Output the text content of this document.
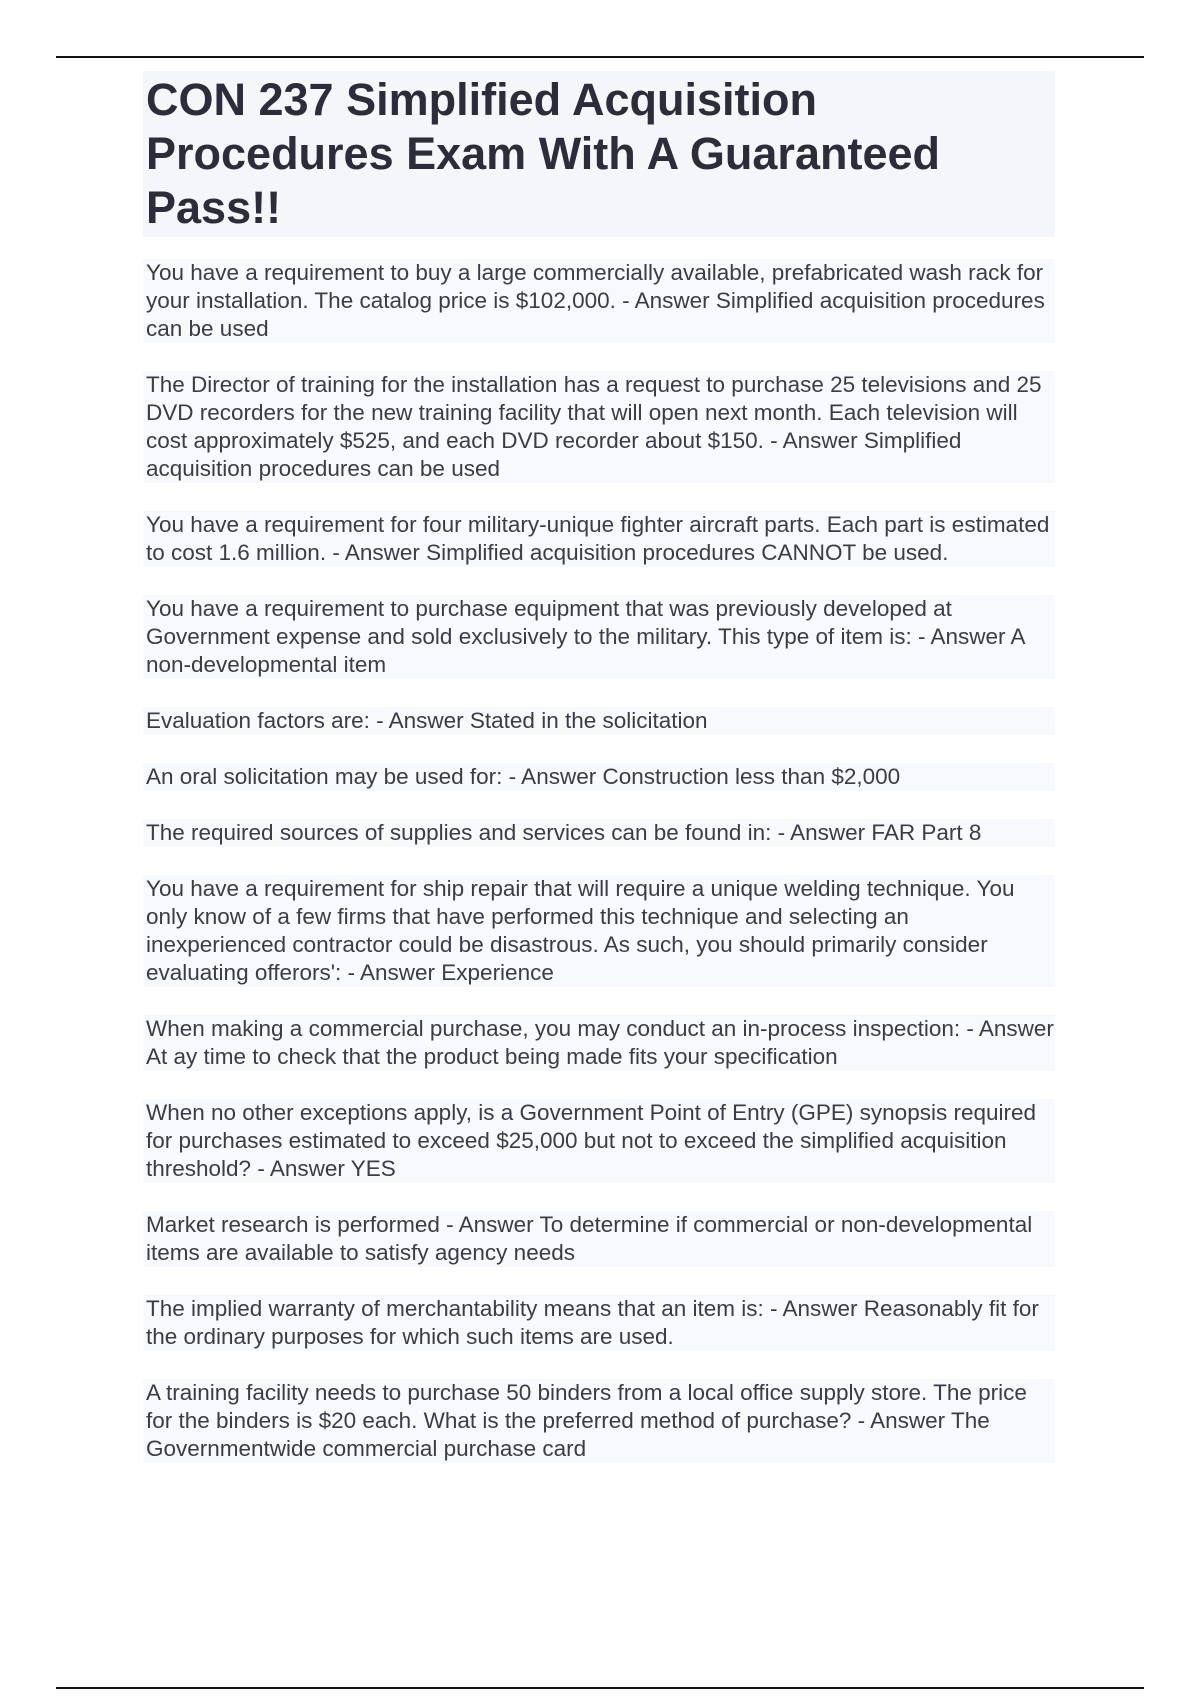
CON 237 Simplified Acquisition Procedures Exam With A Guaranteed Pass!!

You have a requirement to buy a large commercially available, prefabricated wash rack for your installation. The catalog price is $102,000. - Answer Simplified acquisition procedures can be used

The Director of training for the installation has a request to purchase 25 televisions and 25 DVD recorders for the new training facility that will open next month. Each television will cost approximately $525, and each DVD recorder about $150. - Answer Simplified acquisition procedures can be used

You have a requirement for four military-unique fighter aircraft parts. Each part is estimated to cost 1.6 million. - Answer Simplified acquisition procedures CANNOT be used.

You have a requirement to purchase equipment that was previously developed at Government expense and sold exclusively to the military. This type of item is: - Answer A non-developmental item

Evaluation factors are: - Answer Stated in the solicitation

An oral solicitation may be used for: - Answer Construction less than $2,000

The required sources of supplies and services can be found in: - Answer FAR Part 8

You have a requirement for ship repair that will require a unique welding technique. You only know of a few firms that have performed this technique and selecting an inexperienced contractor could be disastrous. As such, you should primarily consider evaluating offerors': - Answer Experience

When making a commercial purchase, you may conduct an in-process inspection: - Answer At ay time to check that the product being made fits your specification

When no other exceptions apply, is a Government Point of Entry (GPE) synopsis required for purchases estimated to exceed $25,000 but not to exceed the simplified acquisition threshold? - Answer YES

Market research is performed - Answer To determine if commercial or non-developmental items are available to satisfy agency needs

The implied warranty of merchantability means that an item is: - Answer Reasonably fit for the ordinary purposes for which such items are used.

A training facility needs to purchase 50 binders from a local office supply store. The price for the binders is $20 each. What is the preferred method of purchase? - Answer The Governmentwide commercial purchase card
